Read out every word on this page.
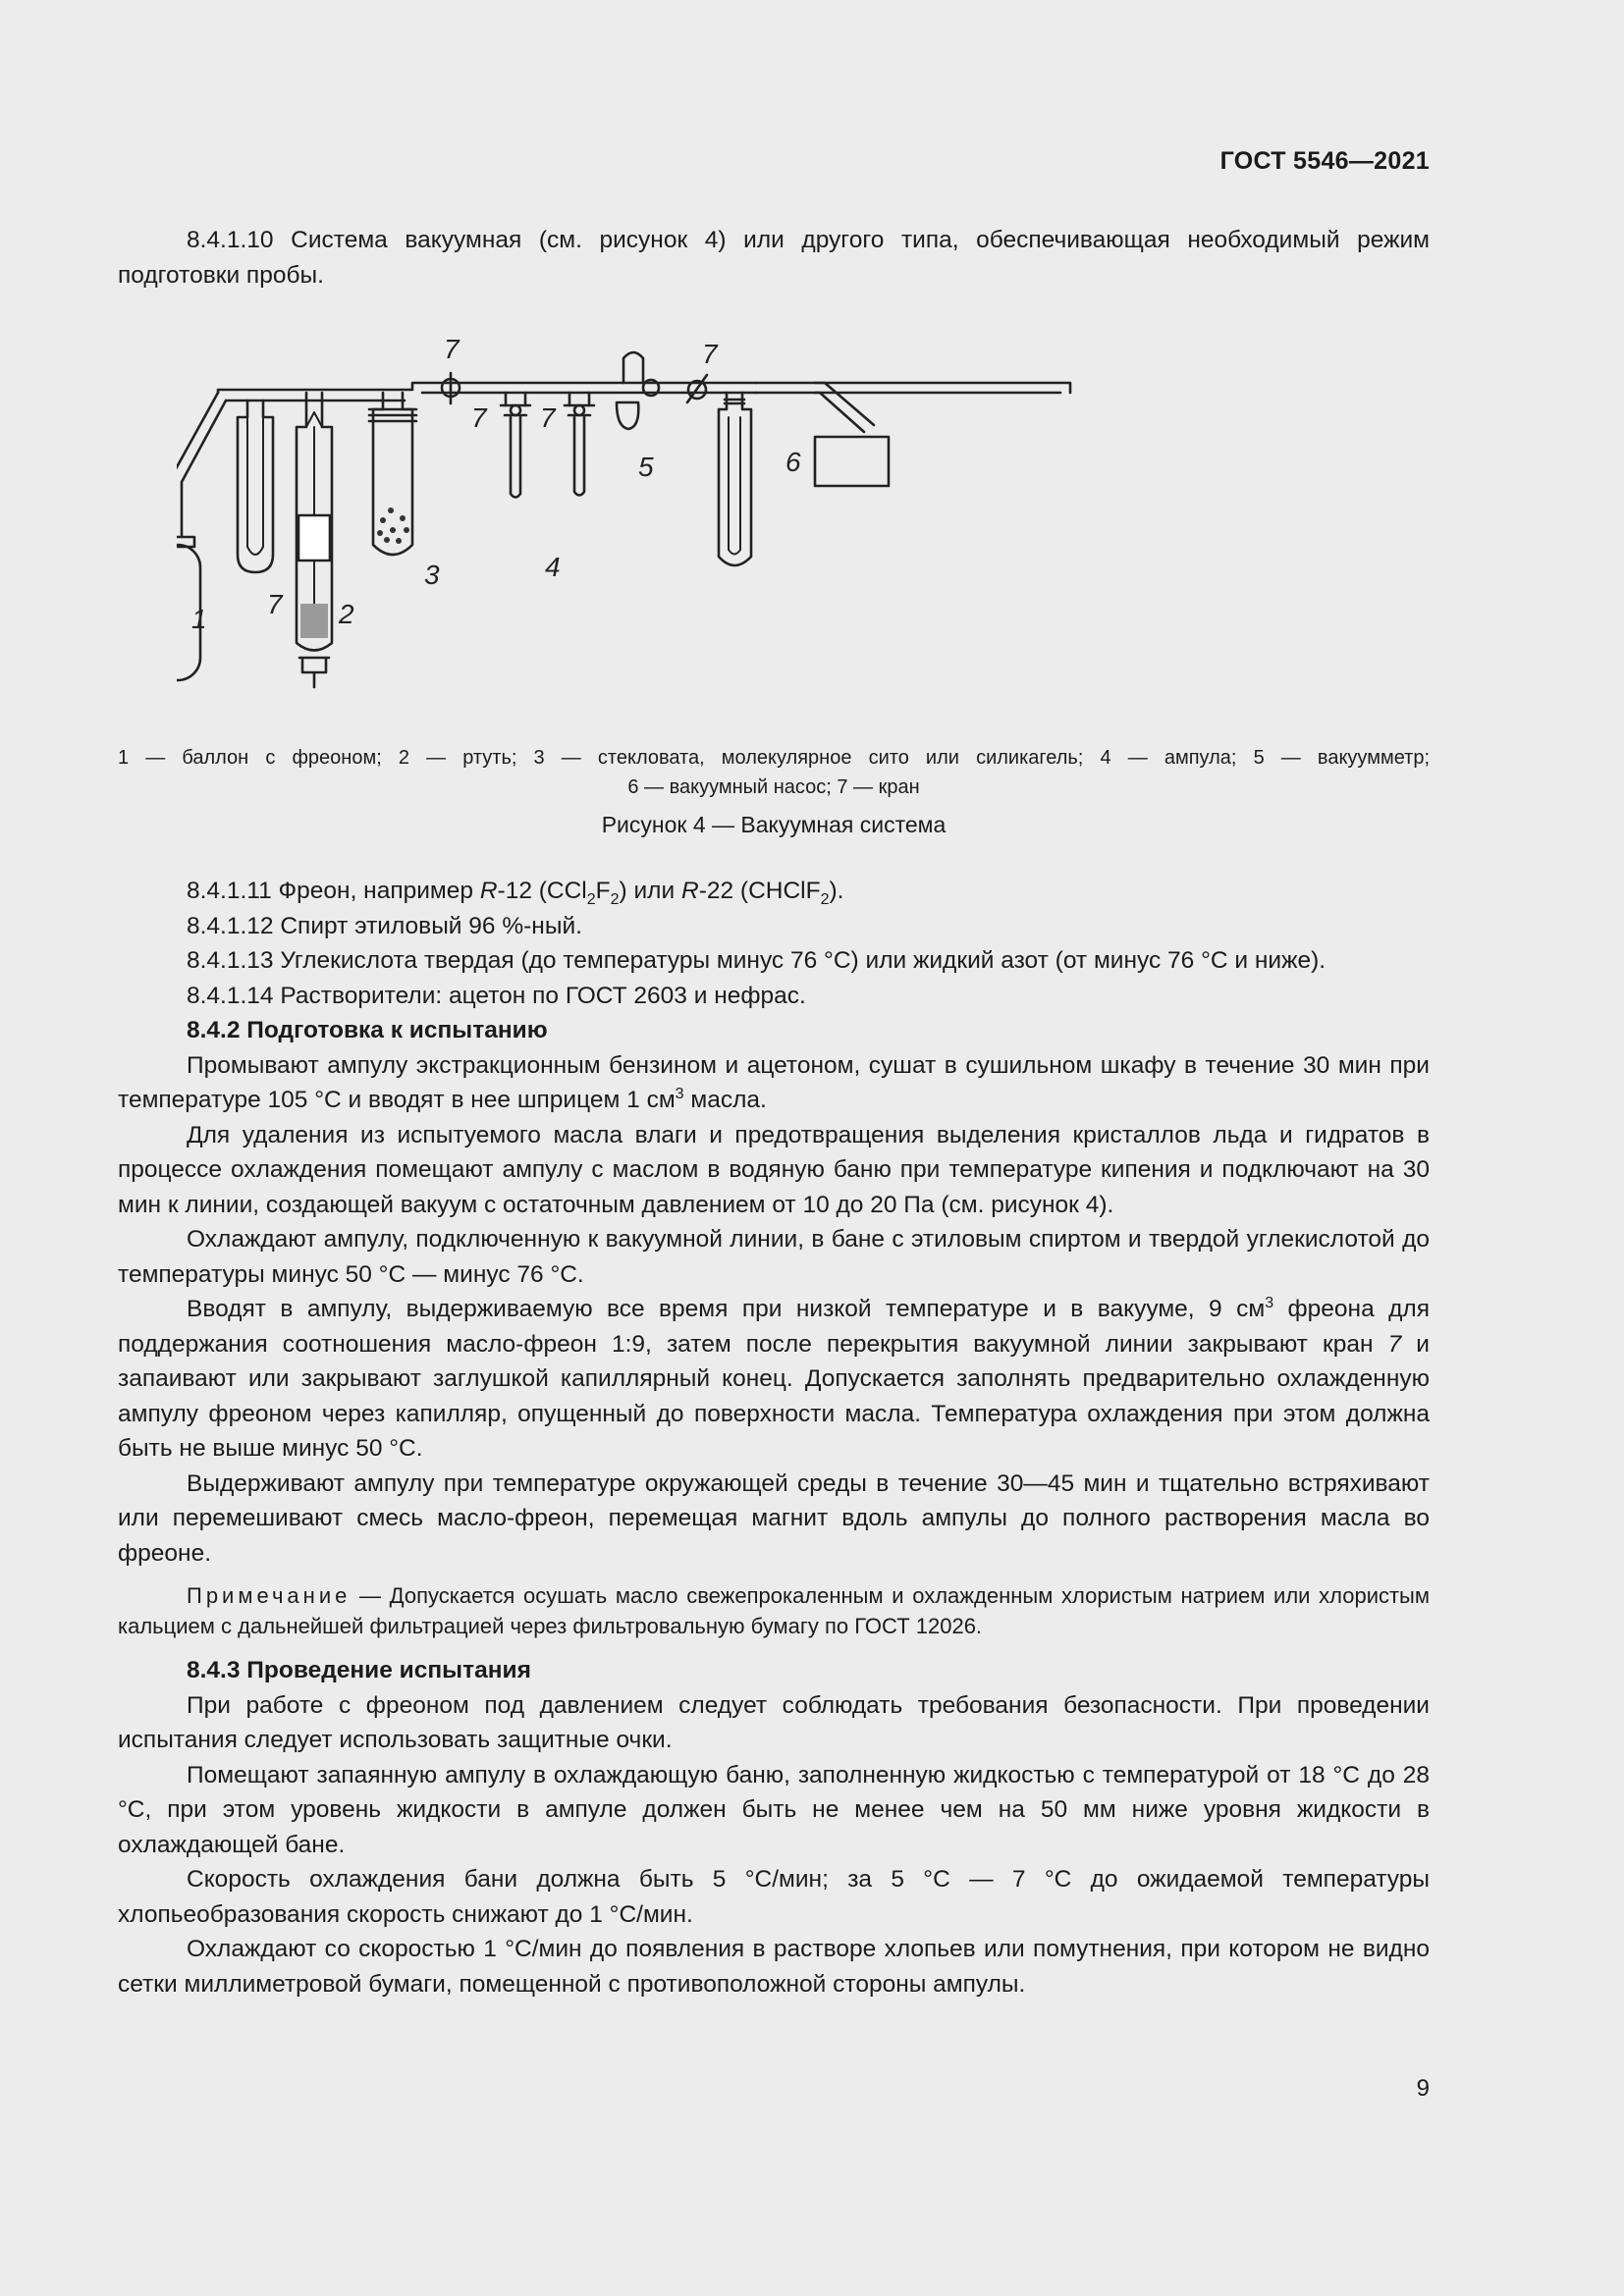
ГОСТ 5546—2021

8.4.1.10 Система вакуумная (см. рисунок 4) или другого типа, обеспечивающая необходимый режим подготовки пробы.

1	2
3	4
5	6
7
7
7 7
7
1 — баллон с фреоном; 2 — ртуть; 3 — стекловата, молекулярное сито или силикагель; 4 — ампула; 5 — вакуумметр;
6 — вакуумный насос; 7 — кран
Рисунок 4 — Вакуумная система

8.4.1.11 Фреон, например R-12 $(CCl_2F_2)$ или R-22 (CHClF$_2$).

8.4.1.12 Спирт этиловый 96 %-ный.

8.4.1.13 Углекислота твердая (до температуры минус 76 °С) или жидкий азот (от минус 76 °С и ниже).

8.4.1.14 Растворители: ацетон по ГОСТ 2603 и нефрас.

8.4.2 Подготовка к испытанию

Промывают ампулу экстракционным бензином и ацетоном, сушат в сушильном шкафу в течение 30 мин при температуре 105 °С и вводят в нее шприцем 1 $см^3$ масла.

Для удаления из испытуемого масла влаги и предотвращения выделения кристаллов льда и гидратов в процессе охлаждения помещают ампулу с маслом в водяную баню при температуре кипения и подключают на 30 мин к линии, создающей вакуум с остаточным давлением от 10 до 20 Па (см. рисунок 4).

Охлаждают ампулу, подключенную к вакуумной линии, в бане с этиловым спиртом и твердой углекислотой до температуры минус 50 °С — минус 76 °С.

Вводят в ампулу, выдерживаемую все время при низкой температуре и в вакууме, 9 $см^3$ фреона для поддержания соотношения масло-фреон 1:9, затем после перекрытия вакуумной линии закрывают кран 7 и запаивают или закрывают заглушкой капиллярный конец. Допускается заполнять предварительно охлажденную ампулу фреоном через капилляр, опущенный до поверхности масла. Температура охлаждения при этом должна быть не выше минус 50 °С.

Выдерживают ампулу при температуре окружающей среды в течение 30—45 мин и тщательно встряхивают или перемешивают смесь масло-фреон, перемещая магнит вдоль ампулы до полного растворения масла во фреоне.

Примечание — Допускается осушать масло свежепрокаленным и охлажденным хлористым натрием или хлористым кальцием с дальнейшей фильтрацией через фильтровальную бумагу по ГОСТ 12026.

8.4.3 Проведение испытания

При работе с фреоном под давлением следует соблюдать требования безопасности. При проведении испытания следует использовать защитные очки.

Помещают запаянную ампулу в охлаждающую баню, заполненную жидкостью с температурой от 18 °С до 28 °С, при этом уровень жидкости в ампуле должен быть не менее чем на 50 мм ниже уровня жидкости в охлаждающей бане.

Скорость охлаждения бани должна быть 5 °С/мин; за 5 °С — 7 °С до ожидаемой температуры хлопьеобразования скорость снижают до 1 °С/мин.

Охлаждают со скоростью 1 °С/мин до появления в растворе хлопьев или помутнения, при котором не видно сетки миллиметровой бумаги, помещенной с противоположной стороны ампулы.

9
